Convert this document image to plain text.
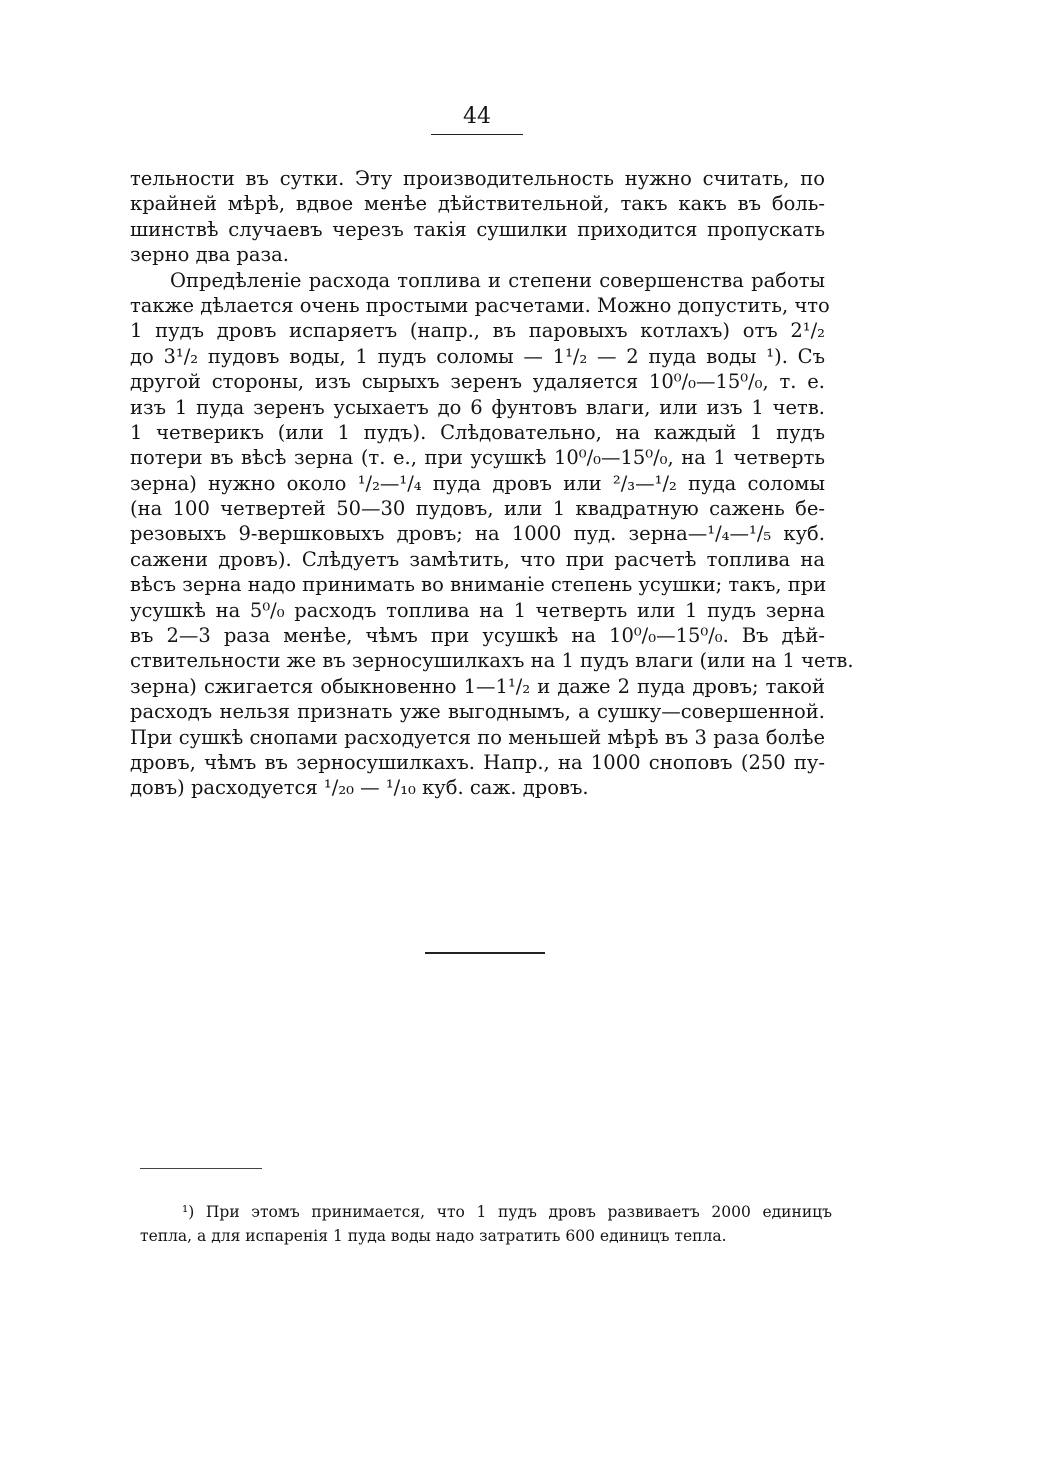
44
тельности въ сутки. Эту производительность нужно считать, по
крайней мѣрѣ, вдвое менѣе дѣйствительной, такъ какъ въ боль-
шинствѣ случаевъ черезъ такія сушилки приходится пропускать
зерно два раза.
Опредѣленіе расхода топлива и степени совершенства работы
также дѣлается очень простыми расчетами. Можно допустить, что
1 пудъ дровъ испаряетъ (напр., въ паровыхъ котлахъ) отъ 2¹/₂
до 3¹/₂ пудовъ воды, 1 пудъ соломы — 1¹/₂ — 2 пуда воды ¹). Съ
другой стороны, изъ сырыхъ зеренъ удаляется 10⁰/₀—15⁰/₀, т. е.
изъ 1 пуда зеренъ усыхаетъ до 6 фунтовъ влаги, или изъ 1 четв.
1 четверикъ (или 1 пудъ). Слѣдовательно, на каждый 1 пудъ
потери въ вѣсѣ зерна (т. е., при усушкѣ 10⁰/₀—15⁰/₀, на 1 четверть
зерна) нужно около ¹/₂—¹/₄ пуда дровъ или ²/₃—¹/₂ пуда соломы
(на 100 четвертей 50—30 пудовъ, или 1 квадратную сажень бе-
резовыхъ 9-вершковыхъ дровъ; на 1000 пуд. зерна—¹/₄—¹/₅ куб.
сажени дровъ). Слѣдуетъ замѣтить, что при расчетѣ топлива на
вѣсъ зерна надо принимать во вниманіе степень усушки; такъ, при
усушкѣ на 5⁰/₀ расходъ топлива на 1 четверть или 1 пудъ зерна
въ 2—3 раза менѣе, чѣмъ при усушкѣ на 10⁰/₀—15⁰/₀. Въ дѣй-
ствительности же въ зерносушилкахъ на 1 пудъ влаги (или на 1 четв.
зерна) сжигается обыкновенно 1—1¹/₂ и даже 2 пуда дровъ; такой
расходъ нельзя признать уже выгоднымъ, а сушку—совершенной.
При сушкѣ снопами расходуется по меньшей мѣрѣ въ 3 раза болѣе
дровъ, чѣмъ въ зерносушилкахъ. Напр., на 1000 сноповъ (250 пу-
довъ) расходуется ¹/₂₀ — ¹/₁₀ куб. саж. дровъ.
¹) При этомъ принимается, что 1 пудъ дровъ развиваетъ 2000 единицъ
тепла, а для испаренія 1 пуда воды надо затратить 600 единицъ тепла.
